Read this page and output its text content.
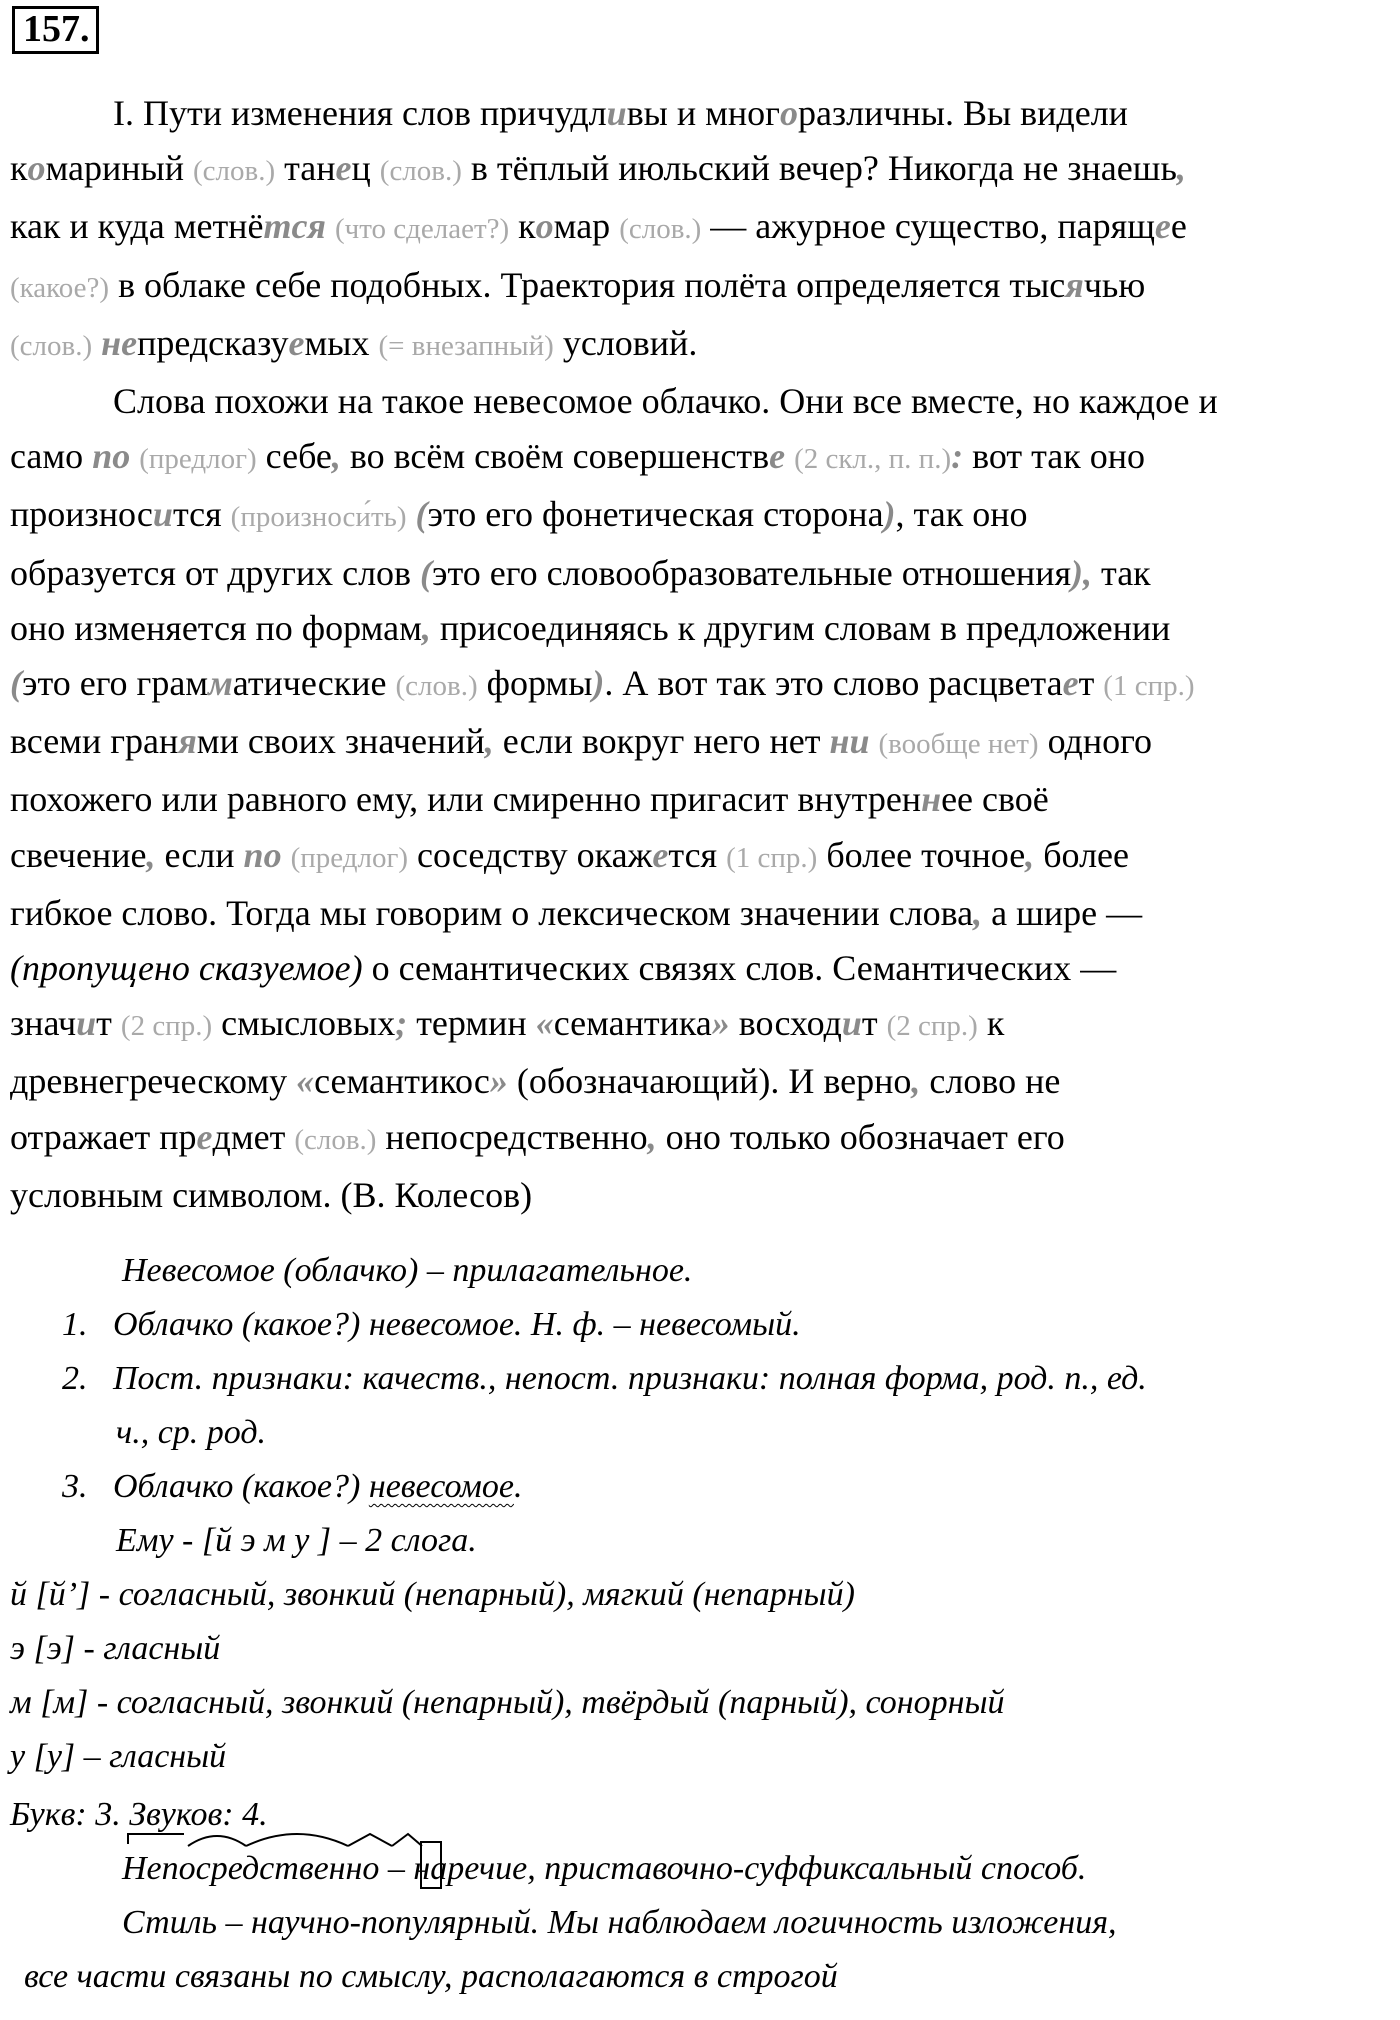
157.

I. Пути изменения слов причудливы и многоразличны. Вы видели

комариный (слов.) танец (слов.) в тёплый июльский вечер? Никогда не знаешь,

как и куда метнётся (что сделает?) комар (слов.) — ажурное существо, парящее

(какое?) в облаке себе подобных. Траектория полёта определяется тысячью

(слов.) непредсказуемых (= внезапный) условий.

Слова похожи на такое невесомое облачко. Они все вместе, но каждое и

само по (предлог) себе, во всём своём совершенстве (2 скл., п. п.): вот так оно

произносится (произноси́ть) (это его фонетическая сторона), так оно

образуется от других слов (это его словообразовательные отношения), так

оно изменяется по формам, присоединяясь к другим словам в предложении

(это его грамматические (слов.) формы). А вот так это слово расцветает (1 спр.)

всеми гранями своих значений, если вокруг него нет ни (вообще нет) одного

похожего или равного ему, или смиренно пригасит внутреннее своё

свечение, если по (предлог) соседству окажется (1 спр.) более точное, более

гибкое слово. Тогда мы говорим о лексическом значении слова, а шире —

(пропущено сказуемое) о семантических связях слов. Семантических —

значит (2 спр.) смысловых; термин «семантика» восходит (2 спр.) к

древнегреческому «семантикос» (обозначающий). И верно, слово не

отражает предмет (слов.) непосредственно, оно только обозначает его

условным символом. (В. Колесов)

Невесомое (облачко) – прилагательное.
1. Облачко (какое?) невесомое. Н. ф. – невесомый.
2. Пост. признаки: качеств., непост. признаки: полная форма, род. п., ед.
ч., ср. род.
3. Облачко (какое?) невесомое.
Ему - [й э м у ] – 2 слога.
й [й’] - согласный, звонкий (непарный), мягкий (непарный)
э [э] - гласный
м [м] - согласный, звонкий (непарный), твёрдый (парный), сонорный
у [у] – гласный
Букв: 3. Звуков: 4.
Непосредственно – наречие, приставочно-суффиксальный способ.
Стиль – научно-популярный. Мы наблюдаем логичность изложения,
все части связаны по смыслу, располагаются в строгой
